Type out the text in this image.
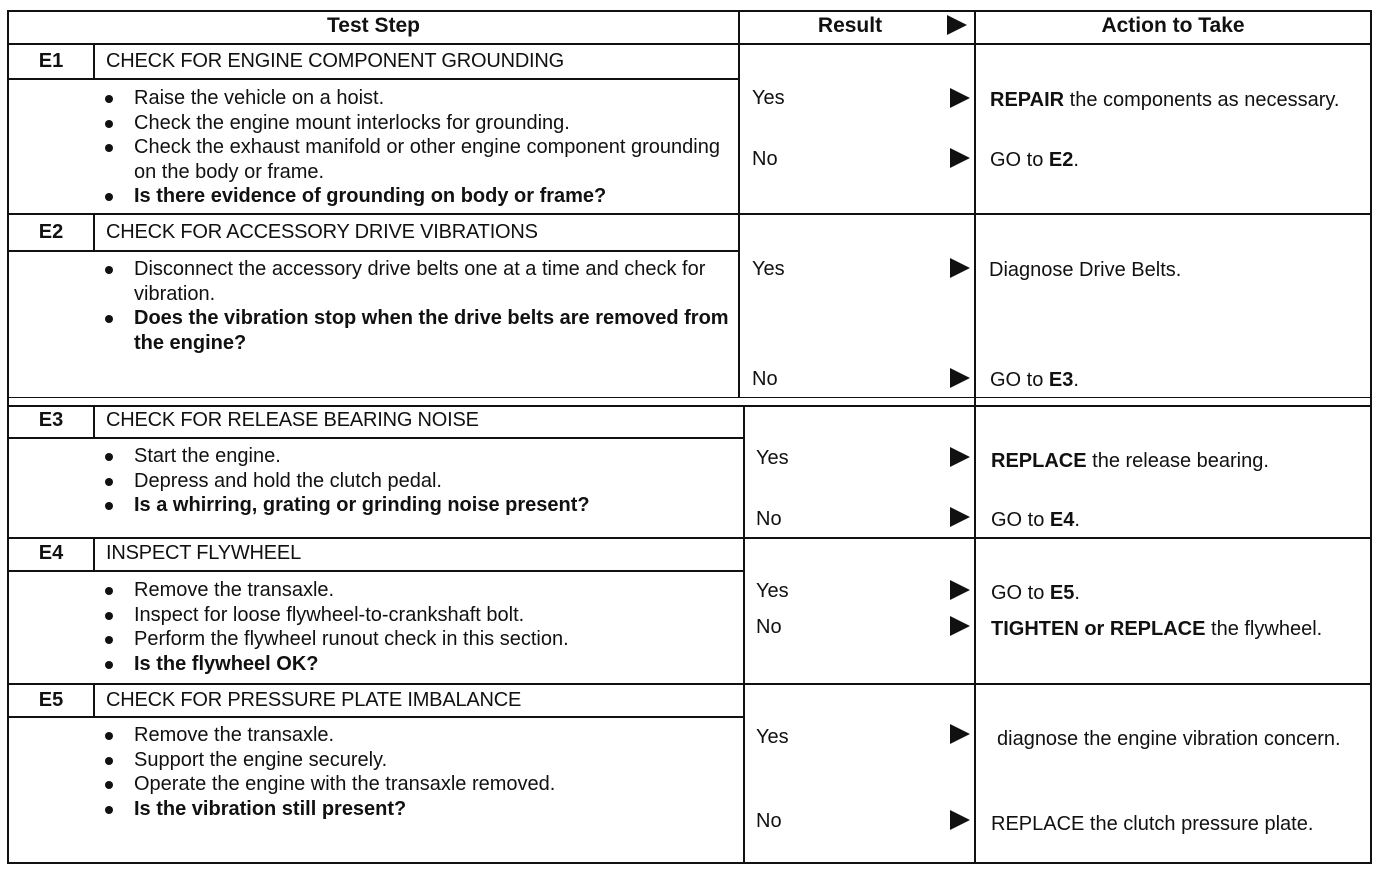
Test Step	Result	Action to Take
E1	CHECK FOR ENGINE COMPONENT GROUNDING
Raise the vehicle on a hoist.
Check the engine mount interlocks for grounding.
Check the exhaust manifold or other engine component grounding on the body or frame.
Is there evidence of grounding on body or frame?
Yes	REPAIR the components as necessary.
No	GO to E2.
E2	CHECK FOR ACCESSORY DRIVE VIBRATIONS
Disconnect the accessory drive belts one at a time and check for vibration.
Does the vibration stop when the drive belts are removed from the engine?
Yes	Diagnose Drive Belts.
No	GO to E3.
E3	CHECK FOR RELEASE BEARING NOISE
Start the engine.
Depress and hold the clutch pedal.
Is a whirring, grating or grinding noise present?
Yes	REPLACE the release bearing.
No	GO to E4.
E4	INSPECT FLYWHEEL
Remove the transaxle.
Inspect for loose flywheel-to-crankshaft bolt.
Perform the flywheel runout check in this section.
Is the flywheel OK?
Yes	GO to E5.
No	TIGHTEN or REPLACE the flywheel.
E5	CHECK FOR PRESSURE PLATE IMBALANCE
Remove the transaxle.
Support the engine securely.
Operate the engine with the transaxle removed.
Is the vibration still present?
Yes	diagnose the engine vibration concern.
No	REPLACE the clutch pressure plate.
